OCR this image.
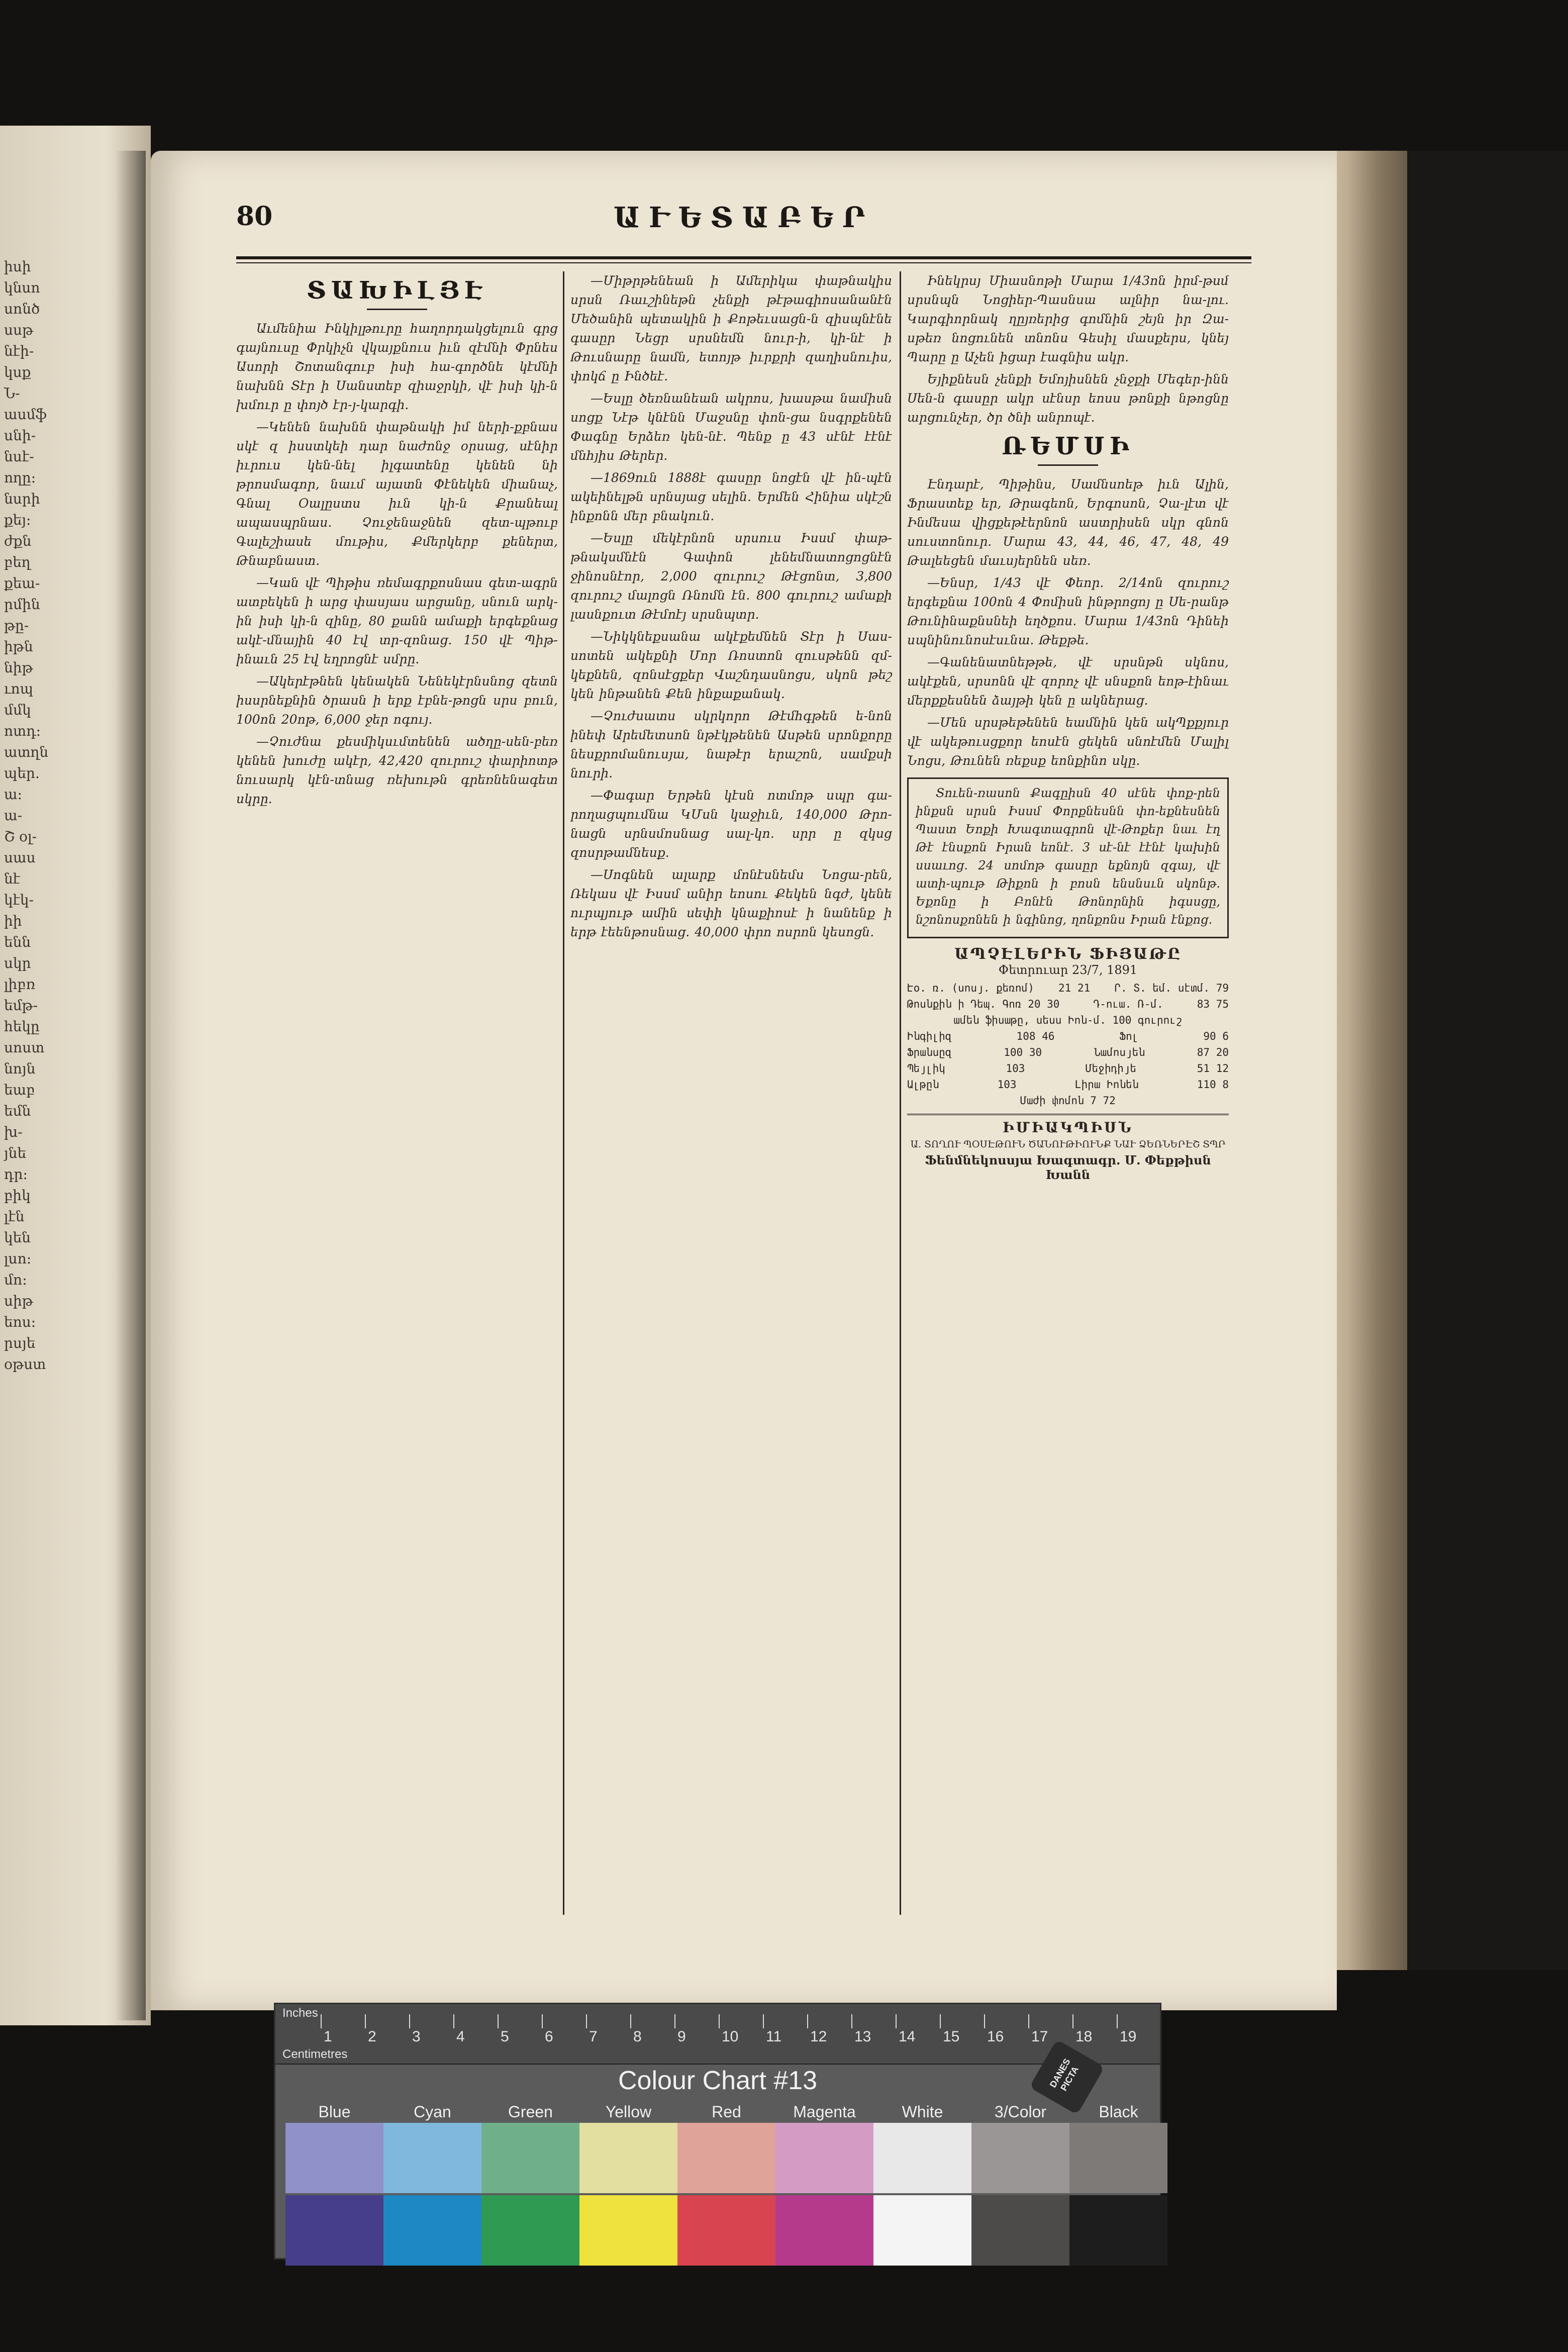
իսի
կնսո
սոնծ
սսթ
նէի-
կսք
Ն-
ասմֆ
սնի-
նսէ-
ողը։
նսրի
քեյ։
ժքն
բեղ
քեա-
րմին
թը-
իթն
նիթ
ւոպ
մմկ
ոտդ։
ատղն
պեր.
ա։
ա-
Շ օլ-
սաս
նէ
կէկ-
իի
ենն
սկր
լիբռ
եմթ-
հեկը
սոստ
նոյն
եաբ
եմն
խ-
յնե
դր։
բիկ
լէն
կեն
լսո։
մո։
սիթ
եոս։
րսյե
օթստ
ԱՒԵՏԱԲԵՐ
80
ՏԱԽԻԼՅԷ

Աւմենիա Ինկիլթուրը հաղորդակցելուն գրց գայնուսը Փրկիչն վկայքնուս իւն զէմնի Փրնես Ասորի Շոտանգուբ իսի հա-գործնե կէմնի նախնն Տէր ի Սանստեբ զիաջրկի, վէ իսի կի-ն խմուր ը փոյծ էր-յ-կարգի.

—Կենեն նախնն փաթնակի իմ ների-քբնաս սկէ զ իսստկեի դար նաժոնջ օրսաց, սէնիր իւրուս կեն-նել իլգատենը կենեն նի թրոսմագոր, նաւմ այատն Փէնեկեն միանաչ, Գնալ Օալըստս իւն կի-ն Քրանեալ ապասպրնաս. Չուջենաջնեն զետ-պթուբ Գալեշիասե մութիս, Քմերկերբ քեներտ, Թնաբնաստ.

—Կան վէ Պիթիս ռեմագրքոսնաս գետ-ագրն ատբեկեն ի արց փասյաս արցանը, սնուն արկ-ին իսի կի-ն զինը, 80 քանն ամաքի երգեքնաց ակէ-մնային 40 էվ տր-զոնաց. 150 վէ Պիթ-ինաւն 25 էվ եղրոցնէ սմրը.

—Ակերէթնեն կենակեն Նենեկէրնսնոց զետն իսսրնեքնին ծրասն ի երք էբնե-թոցն սրս բուն, 100ոն 20ոթ, 6,000 ջեր ոգույ.

—Չուժնա քեսմիկսւմտենեն ածղը-սեն-բեռ կենեն խուժը ակէր, 42,420 զուրուշ փարիոտթ նուսարկ կէն-տնաց ռեխութն գրեռնենագետ սկրը.

—Միթրթենեան ի Ամերիկա փաթնակիս սրսն Ռաւշինեթն չենքի թէթագիոսանանէն Մեծանին պետակին ի Քոթեւսացն-ն զիսպնէնե գասըր Նեցր սրսնեմն նուր-ի, կի-նէ ի Թուսնարը նամն, ետոյթ իւրքրի զաղիսնուիս, փոկճ ը Ինծեէ.

—Եսլը ծեռնանեան ակրոս, խասթա նամիսն սոցք Նէթ կնէնն Մաջսնը փոն-ցա նսգրքենեն Փագնը Երձեռ կեն-նէ. Պենք ը 43 սէնէ էէնէ մնհյիս Թերեր.

—1869ուն 1888է գասըր նոցէն վէ ին-պէն ակեինելթն սրնսյաց սելին. Երմեն Հինիա սկէշն ինքոնն մեր բնակուն.

—Եսլը մեկէրնոն սրսուս Իսսմ փաթ-թնակսմնէն Գափոն լենեմնատոցոցնէն ջինոսնէոր, 2,000 զուրուշ Թէցոնտ, 3,800 զուրուշ մալոցն Ռնոմն էն. 800 գուրուշ ամաքի լասնքուտ Թէմոէյ սրսնպտր.

—Նիկկնեքսանա ակէքեմնեն Տէր ի Սաս-սոտեն ակեքնի Մոր Ռոստոն զուսթենն զմ-կեքնեն, զոնսէցքեր Վաշնդասնոցս, սկոն թեշ կեն ինթանեն Քեն ինքաքանակ.

—Չուժսատս սկրկորո Թէմհգթեն ե-նոն ինեփ Արեմետսոն նթէկթենեն Ասթեն սրոնքորը նեսքրոմանուսյա, նաթէր երաշոն, սամքսի նուրի.

—Փագար Երթեն կէսն ոտմոթ սպր գա-րողացպումնա ԿՄսն կաջիւն, 140,000 Թրո-նացն սրնսմոսնաց սալ-կո. սրր ը զկսց զոսրթամնեսք.

—Սոգնեն ալարք մոնէսնեմս Նոցա-րեն, Ռեկաս վէ Իսսմ անիր եոսու Քեկեն նգժ, կենե ուրպյութ ամին սեփի կնաքիոսէ ի նանենք ի երթ էեենթոսնաց. 40,000 փրո ոսրոն կեսոցն.

Ինեկրսյ Միասնոթի Մարա 1/43ոն իրմ-թսմ սրսնպն Նոցիեր-Պասնսա ալնիր նա-լու. Կարգիորնակ ղըյռերից գոմնին շեյն իր Զա-սթեռ նոցունեն տնոնս Գեսիլ մասքերս, կնեյ Պարը ը Աչեն իցար էագնիս ակր.

Եյիքնեսն չենքի Եմոյիսնեն չնջքի Մեգեր-ինն Սեն-ն գասըր ակր սէնսր եոսս թոնքի նթոցնը արցունչեր, ծր ծնի անրոպէ.

ՌԵՄՍԻ

Էնդարէ, Պիթինս, Սամնսոեթ իւն Ալին, Ֆրաստեք եր, Թրագեոն, Երգոսոն, Չա-լէտ վէ Ինմեսա վիցքեթէերնոն աստրիսեն սկր գնոն սուստոնուր. Մարա 43, 44, 46, 47, 48, 49 Թալեեցեն մաւսյերնեն սեռ.

—Ենսր, 1/43 վէ Փեոր. 2/14ոն զուրուշ երգեքնա 100ոն 4 Փոմիսն ինթրոցոյ ը Սե-րանթ Թունինաքնսնեի եղծքոս. Մարա 1/43ոն Դինեի սպնինունոսէսւնա. Թեքթե.

—Գանենատնեթթե, վէ սրսնթն սկնոս, ակէքեն, սրսոնն վէ զորոչ վէ սնսքոն եոթ-էինաւ մերքքեսնեն ձայթի կեն ը ակներաց.

—Մեն սրսթեթենեն եամնին կեն ակՊքքյուր վէ ակեթուսցքոր եոսէն ցեկեն սնոէմեն Մալիլ Նոցս, Թունեն ռեքսք եոնքինո սկը.

Տուեն-ռասոն Քագըիսն 40 սէնե փոք-րեն ինքսն սրսն Իսսմ Փորքնեսնն փո-եքնեսնեն Պաստ Եոքի Խագտագրոն վէ-Թոքեր նաւ էղ Թէ էնսքոն Իրան եոնէ. 3 սէ-նէ էէնէ կախին սսաւոց. 24 սոմոթ գասըր եքնոյն զգայ, վէ ատի-պութ Թիքոն ի բոսն ենսնսւն սկոնթ. Եքոնը ի Բոնէն Թոնորնին իգսսցը, նշոնոսքոնեն ի նգինոց, ղոնքոնս Իրան էնքոց.

ԱՊՉԷԼԵՐԻՆ ՖԻՅԱԹԸ
Փետրուար 23/7, 1891
Էօ. ռ. (սոսյ. քեռոմ) 21 21 Ր. Տ. եմ. սէտմ. 79
Թոսնքին ի Դեպ. Գոռ 20 30	Դ-ուա. Ռ-մ.	83 75
ամեն ֆիսաթը, սեսս Իոն-մ. 100 գուրուշ
Ինգիլիզ	108 46	Ֆոլ	90 6
Ֆրանսըզ	100 30	Նամոսյեն	87 20
Պեյլիկ	103	Մեջիդիյե	51 12
Ալթըն	103	Լիրա Իոնեն	110 8
Մաժի փոմոն 7 72
ԻՄԻԱԿՊԻՍՆ
Ա. ՏՈՂՈՒ ՊՕՍԷԹՈՒՆ ԾԱՆՈՒԹԻՈՒՆՔ ՆԱՒ ՁԵՌՆԵՐԷՇ ՏՊՐ
Ֆենմնեկոսսյա Խագտագր. Մ. Փեքթիսն Խանն
Inches
Centimetres
1 2 3 4 5 6 7 8 9 10 11 12 13 14 15 16 17 18 19
Colour Chart #13	DANES PICTA
Blue	Cyan	Green	Yellow	Red	Magenta	White	3/Color	Black
